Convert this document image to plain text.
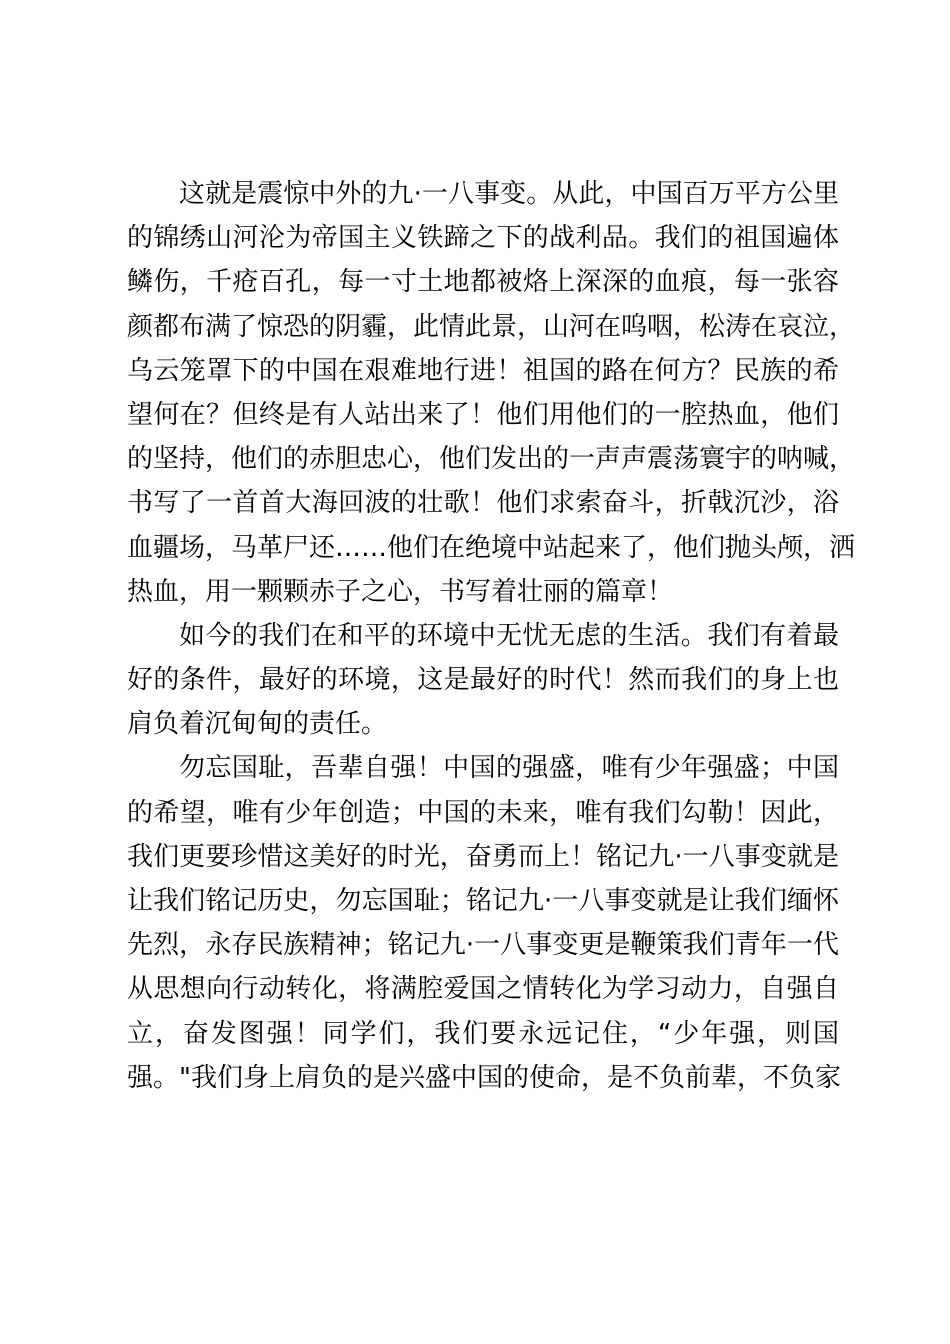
这就是震惊中外的九·一八事变。从此，中国百万平方公里
的锦绣山河沦为帝国主义铁蹄之下的战利品。我们的祖国遍体
鳞伤，千疮百孔，每一寸土地都被烙上深深的血痕，每一张容
颜都布满了惊恐的阴霾，此情此景，山河在呜咽，松涛在哀泣，
乌云笼罩下的中国在艰难地行进！祖国的路在何方？民族的希
望何在？但终是有人站出来了！他们用他们的一腔热血，他们
的坚持，他们的赤胆忠心，他们发出的一声声震荡寰宇的呐喊，
书写了一首首大海回波的壮歌！他们求索奋斗，折戟沉沙，浴
血疆场，马革尸还……他们在绝境中站起来了，他们抛头颅，洒
热血，用一颗颗赤子之心，书写着壮丽的篇章！
如今的我们在和平的环境中无忧无虑的生活。我们有着最
好的条件，最好的环境，这是最好的时代！然而我们的身上也
肩负着沉甸甸的责任。
勿忘国耻，吾辈自强！中国的强盛，唯有少年强盛；中国
的希望，唯有少年创造；中国的未来，唯有我们勾勒！因此，
我们更要珍惜这美好的时光，奋勇而上！铭记九·一八事变就是
让我们铭记历史，勿忘国耻；铭记九·一八事变就是让我们缅怀
先烈，永存民族精神；铭记九·一八事变更是鞭策我们青年一代
从思想向行动转化，将满腔爱国之情转化为学习动力，自强自
立，奋发图强！同学们，我们要永远记住，“少年强，则国
强。"我们身上肩负的是兴盛中国的使命，是不负前辈，不负家
